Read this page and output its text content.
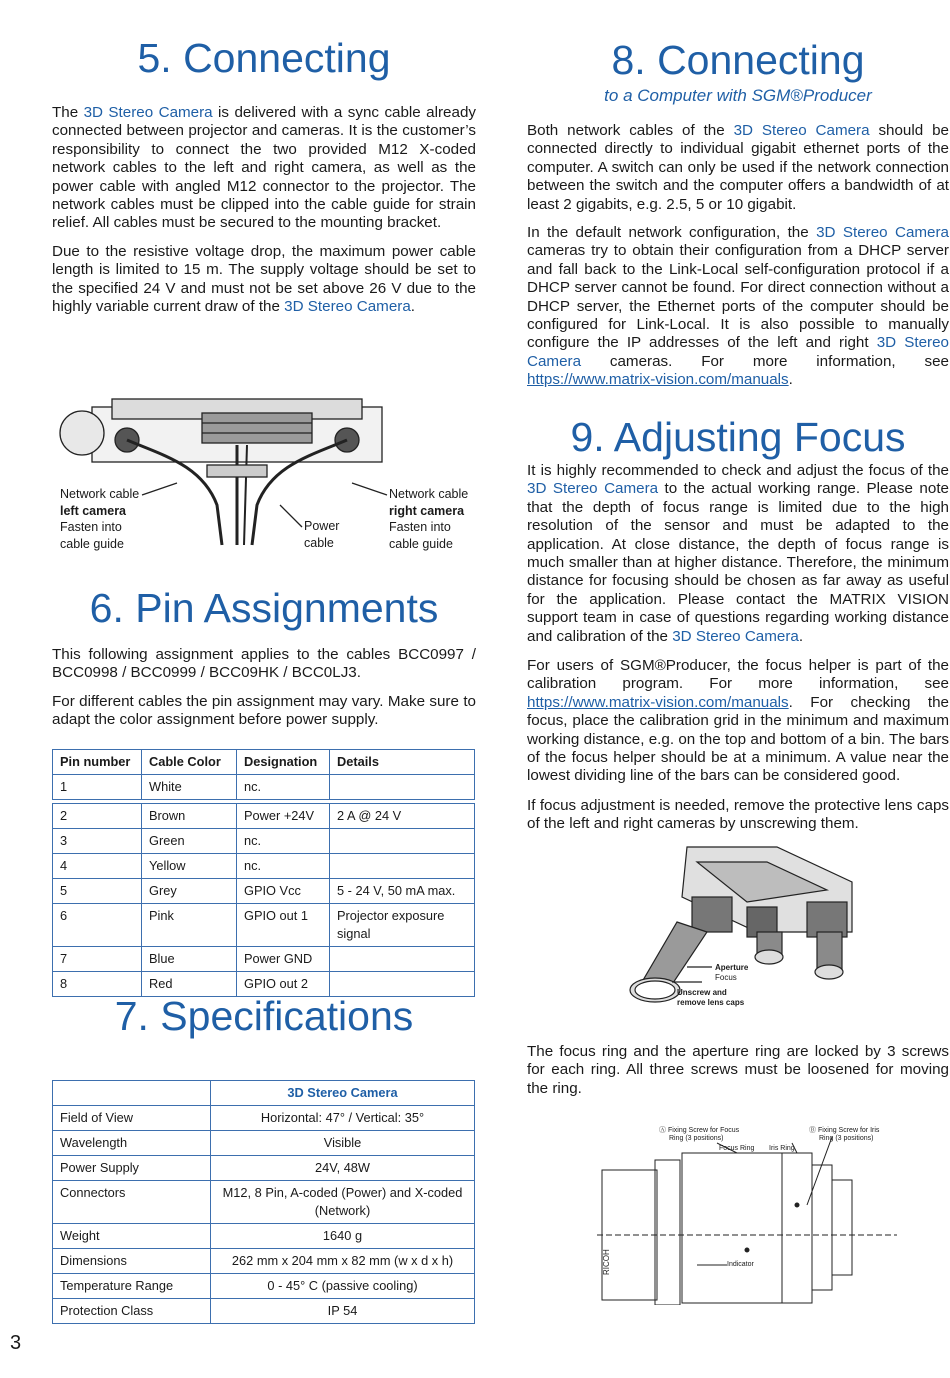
5. Connecting

The 3D Stereo Camera is delivered with a sync cable already connected between projector and cameras. It is the customer’s responsibility to connect the two provided M12 X-coded network cables to the left and right camera, as well as the power cable with angled M12 connector to the projector. The network cables must be clipped into the cable guide for strain relief. All cables must be secured to the mounting bracket.

Due to the resistive voltage drop, the maximum power cable length is limited to 15 m. The supply voltage should be set to the specified 24 V and must not be set above 26 V due to the highly variable current draw of the 3D Stereo Camera.

Network cable
left camera
Fasten into
cable guide
Power
cable
Network cable
right camera
Fasten into
cable guide
6. Pin Assignments

This following assignment applies to the cables BCC0997 / BCC0998 / BCC0999 / BCC09HK / BCC0LJ3.

For different cables the pin assignment may vary. Make sure to adapt the color assignment before power supply.

Pin number	Cable Color	Designation	Details
1	White	nc.	

2	Brown	Power +24V	2 A @ 24 V
3	Green	nc.	
4	Yellow	nc.	
5	Grey	GPIO Vcc	5 - 24 V, 50 mA max.
6	Pink	GPIO out 1	Projector exposure signal
7	Blue	Power GND	
8	Red	GPIO out 2	
7. Specifications
	3D Stereo Camera
Field of View	Horizontal: 47° / Vertical: 35°
Wavelength	Visible
Power Supply	24V, 48W
Connectors	M12, 8 Pin, A-coded (Power) and X-coded (Network)
Weight	1640 g
Dimensions	262 mm x 204 mm x 82 mm (w x d x h)
Temperature Range	0 - 45° C (passive cooling)
Protection Class	IP 54
8. Connecting
to a Computer with SGM®Producer

Both network cables of the 3D Stereo Camera should be connected directly to individual gigabit ethernet ports of the computer. A switch can only be used if the network connection between the switch and the computer offers a bandwidth of at least 2 gigabits, e.g. 2.5, 5 or 10 gigabit.

In the default network configuration, the 3D Stereo Camera cameras try to obtain their configuration from a DHCP server and fall back to the Link-Local self-configuration protocol if a DHCP server cannot be found. For direct connection without a DHCP server, the Ethernet ports of the computer should be configured for Link-Local. It is also possible to manually configure the IP addresses of the left and right 3D Stereo Camera cameras. For more information, see https://www.matrix-vision.com/manuals.

9. Adjusting Focus

It is highly recommended to check and adjust the focus of the 3D Stereo Camera to the actual working range. Please note that the depth of focus range is limited due to the high resolution of the sensor and must be adapted to the application. At close distance, the depth of focus range is much smaller than at higher distance. Therefore, the minimum distance for focusing should be chosen as far away as useful for the application. Please contact the MATRIX VISION support team in case of questions regarding working distance and calibration of the 3D Stereo Camera.

For users of SGM®Producer, the focus helper is part of the calibration program. For more information, see https://www.matrix-vision.com/manuals. For checking the focus, place the calibration grid in the minimum and maximum working distance, e.g. on the top and bottom of a bin. The bars of the focus helper should be at a minimum. A value near the lowest dividing line of the bars can be considered good.

If focus adjustment is needed, remove the protective lens caps of the left and right cameras by unscrewing them.

Aperture
Focus
Unscrew and
remove lens caps

The focus ring and the aperture ring are locked by 3 screws for each ring. All three screws must be loosened for moving the ring.

RICOH
Ⓐ Fixing Screw for Focus
Ring (3 positions)
Ⓑ Fixing Screw for Iris
Ring (3 positions)
Focus Ring Iris Ring
Indicator
3
